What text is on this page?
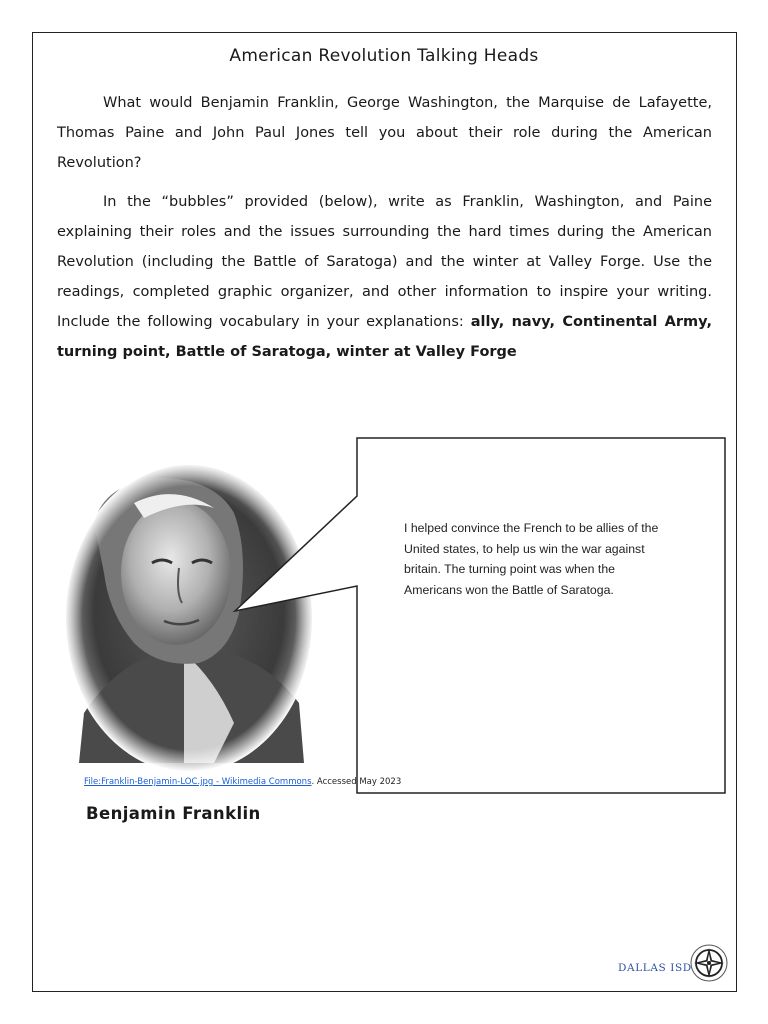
American Revolution Talking Heads

What would Benjamin Franklin, George Washington, the Marquise de Lafayette, Thomas Paine and John Paul Jones tell you about their role during the American Revolution?

In the “bubbles” provided (below), write as Franklin, Washington, and Paine explaining their roles and the issues surrounding the hard times during the American Revolution (including the Battle of Saratoga) and the winter at Valley Forge. Use the readings, completed graphic organizer, and other information to inspire your writing. Include the following vocabulary in your explanations: ally, navy, Continental Army, turning point, Battle of Saratoga, winter at Valley Forge

I helped convince the French to be allies of the United states, to help us win the war against britain. The turning point was when the Americans won the Battle of Saratoga.

File:Franklin-Benjamin-LOC.jpg - Wikimedia Commons. Accessed May 2023
Benjamin Franklin
DALLAS ISD
